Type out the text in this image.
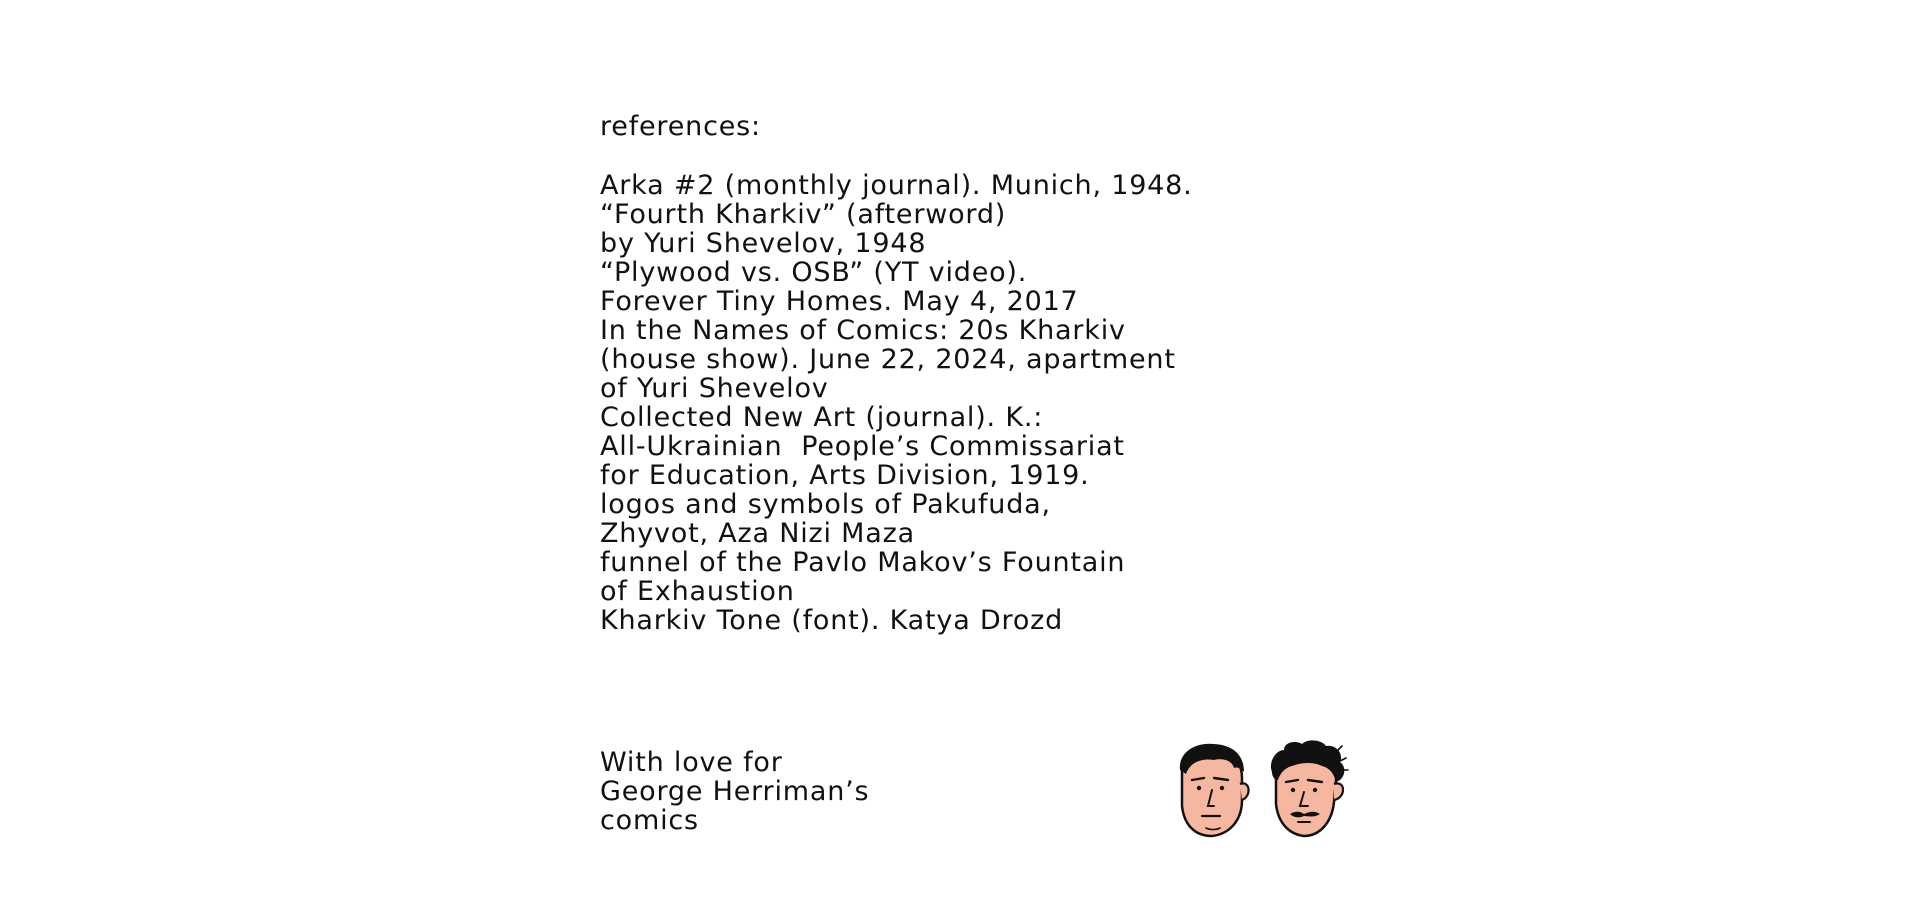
references:
Arka #2 (monthly journal). Munich, 1948.
“Fourth Kharkiv” (afterword)
by Yuri Shevelov, 1948
“Plywood vs. OSB” (YT video).
Forever Tiny Homes. May 4, 2017
In the Names of Comics: 20s Kharkiv
(house show). June 22, 2024, apartment
of Yuri Shevelov
Collected New Art (journal). K.:
All-Ukrainian  People’s Commissariat
for Education, Arts Division, 1919.
logos and symbols of Pakufuda,
Zhyvot, Aza Nizi Maza
funnel of the Pavlo Makov’s Fountain
of Exhaustion
Kharkiv Tone (font). Katya Drozd
With love for
George Herriman’s
comics
